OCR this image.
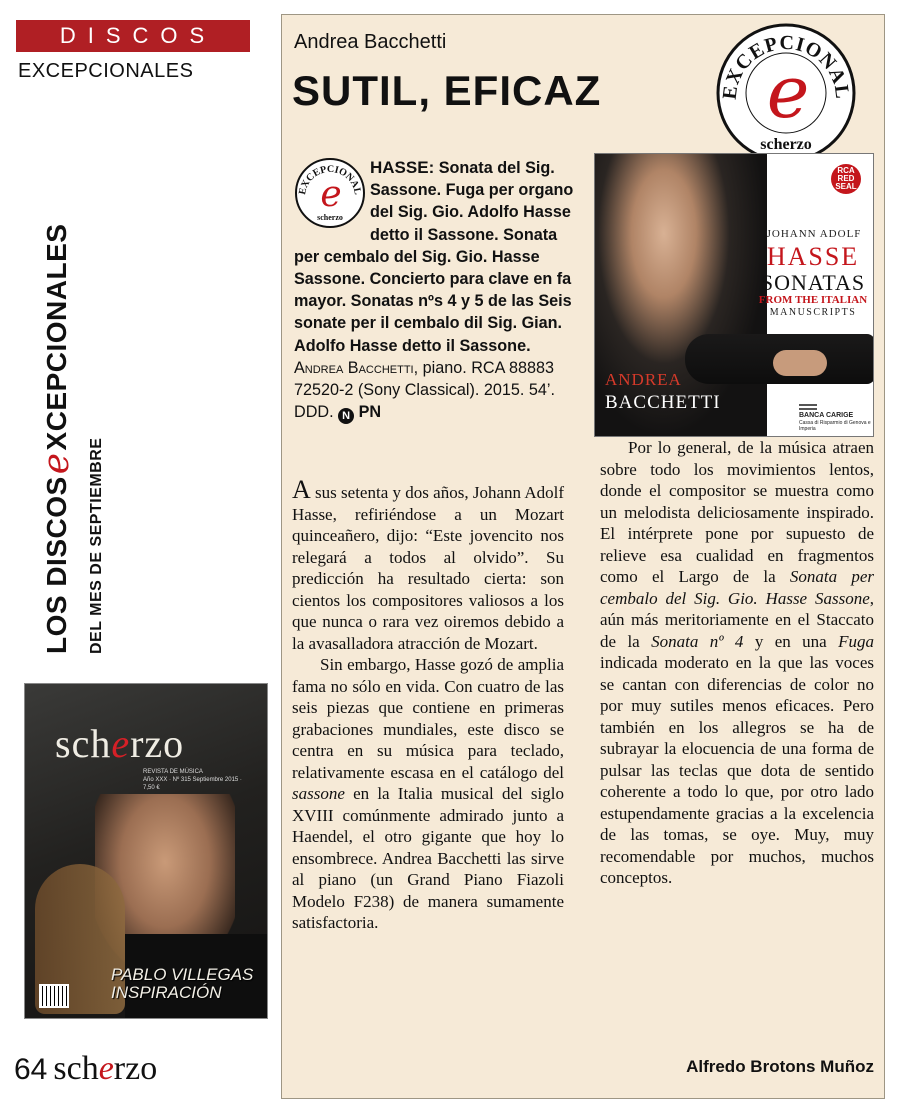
DISCOS
EXCEPCIONALES
LOS DISCOS
e
XCEPCIONALES
DEL MES DE SEPTIEMBRE
scherzo
REVISTA DE MÚSICA
Año XXX · Nº 315 Septiembre 2015 · 7,50 €
PABLO VILLEGAS
INSPIRACIÓN
64 sch e rzo
Andrea Bacchetti
SUTIL, EFICAZ	EXCEPCIONAL
e
scherzo
EXCEPCIONAL
e
scherzo
HASSE: Sonata del Sig. Sassone. Fuga per organo del Sig. Gio. Adolfo Hasse detto il Sassone. Sonata per cembalo del Sig. Gio. Hasse Sassone. Concierto para clave en fa mayor. Sonatas nºs 4 y 5 de las Seis sonate per il cembalo dil Sig. Gian. Adolfo Hasse detto il Sassone. Andrea Bacchetti, piano. RCA 88883 72520-2 (Sony Classical). 2015. 54’. DDD. N PN
RCA RED SEAL
JOHANN ADOLF
HASSE
SONATAS
FROM THE ITALIAN
MANUSCRIPTS
ANDREA
BACCHETTI
BANCA CARIGE
Cassa di Risparmio di Genova e Imperia

A sus setenta y dos años, Johann Adolf Hasse, refiriéndose a un Mozart quinceañero, dijo: “Este jovencito nos relegará a todos al olvido”. Su predicción ha resultado cierta: son cientos los compositores valiosos a los que nunca o rara vez oiremos debido a la avasalladora atracción de Mozart.

Sin embargo, Hasse gozó de amplia fama no sólo en vida. Con cuatro de las seis piezas que contiene en primeras grabaciones mundiales, este disco se centra en su música para teclado, relativamente escasa en el catálogo del sassone en la Italia musical del siglo XVIII comúnmente admirado junto a Haendel, el otro gigante que hoy lo ensombrece. Andrea Bacchetti las sirve al piano (un Grand Piano Fiazoli Modelo F238) de manera sumamente satisfactoria.

Por lo general, de la música atraen sobre todo los movimientos lentos, donde el compositor se muestra como un melodista deliciosamente inspirado. El intérprete pone por supuesto de relieve esa cualidad en fragmentos como el Largo de la Sonata per cembalo del Sig. Gio. Hasse Sassone, aún más meritoriamente en el Staccato de la Sonata nº 4 y en una Fuga indicada moderato en la que las voces se cantan con diferencias de color no por muy sutiles menos eficaces. Pero también en los allegros se ha de subrayar la elocuencia de una forma de pulsar las teclas que dota de sentido coherente a todo lo que, por otro lado estupendamente gracias a la excelencia de las tomas, se oye. Muy, muy recomendable por muchos, muchos conceptos.

Alfredo Brotons Muñoz
